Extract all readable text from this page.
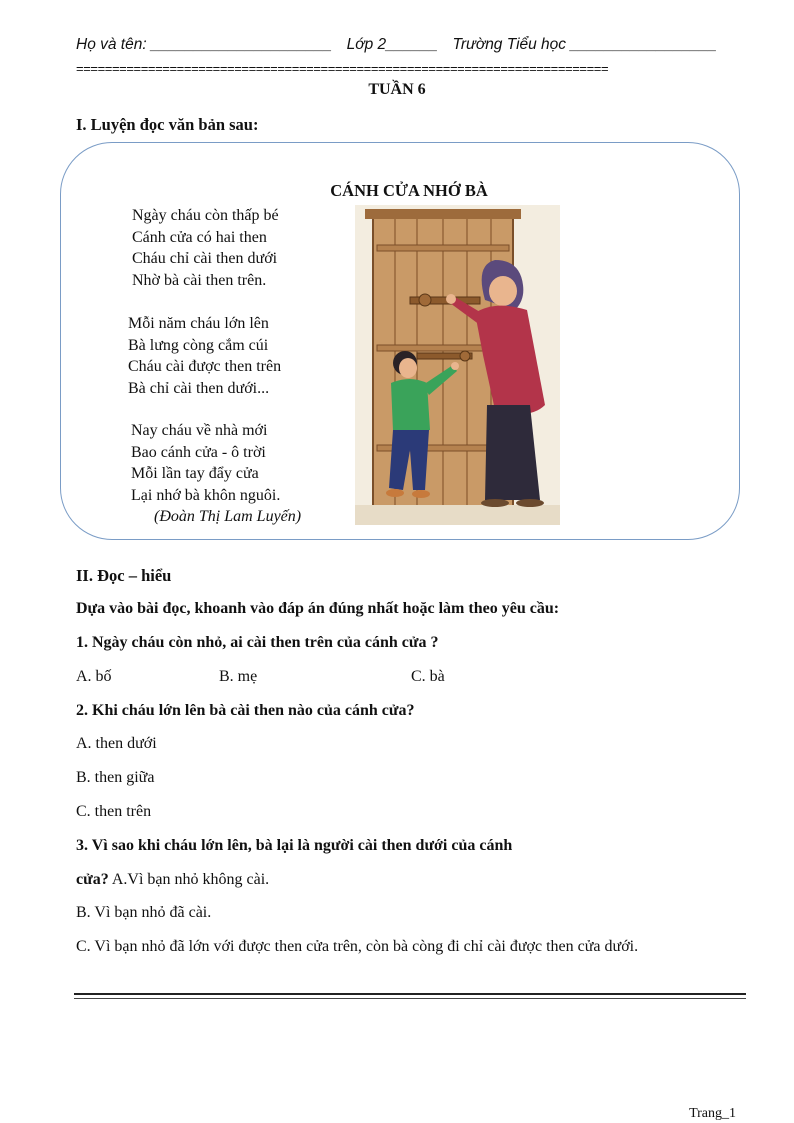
Họ và tên: _____________________ Lớp 2______ Trường Tiểu học _________________
==========================================================================
TUẦN 6
I. Luyện đọc văn bản sau:
CÁNH CỬA NHỚ BÀ
Ngày cháu còn thấp bé
Cánh cửa có hai then
Cháu chỉ cài then dưới
Nhờ bà cài then trên.
Mỗi năm cháu lớn lên
Bà lưng còng cắm cúi
Cháu cài được then trên
Bà chỉ cài then dưới...
Nay cháu về nhà mới
Bao cánh cửa - ô trời
Mỗi lần tay đẩy cửa
Lại nhớ bà khôn nguôi.
(Đoàn Thị Lam Luyến)
II. Đọc – hiểu
Dựa vào bài đọc, khoanh vào đáp án đúng nhất hoặc làm theo yêu cầu:
1. Ngày cháu còn nhỏ, ai cài then trên của cánh cửa ?
A. bố	B. mẹ	C. bà
2. Khi cháu lớn lên bà cài then nào của cánh cửa?
A. then dưới
B. then giữa
C. then trên
3. Vì sao khi cháu lớn lên, bà lại là người cài then dưới của cánh
cửa? A.Vì bạn nhỏ không cài.
B. Vì bạn nhỏ đã cài.
C. Vì bạn nhỏ đã lớn với được then cửa trên, còn bà còng đi chỉ cài được then cửa dưới.
Trang_1
